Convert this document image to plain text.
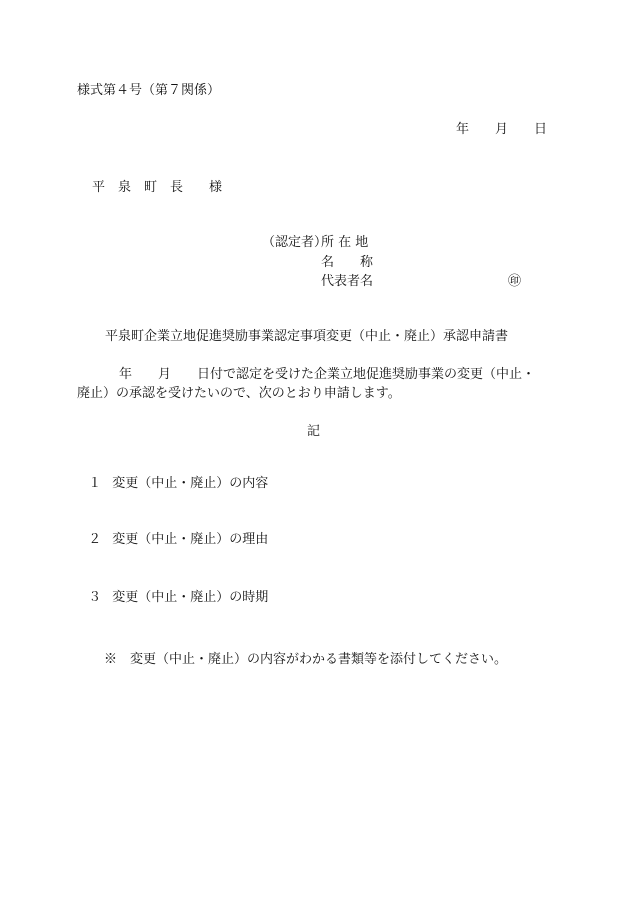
様式第４号（第７関係）
年　　月　　日
平　泉　町　長　　様
（認定者）
所 在 地
名　　称
代表者名	㊞
平泉町企業立地促進奨励事業認定事項変更（中止・廃止）承認申請書
年　　月　　日付で認定を受けた企業立地促進奨励事業の変更（中止・
廃止）の承認を受けたいので、次のとおり申請します。
記

１ 変更（中止・廃止）の内容

２ 変更（中止・廃止）の理由

３ 変更（中止・廃止）の時期

※　変更（中止・廃止）の内容がわかる書類等を添付してください。
